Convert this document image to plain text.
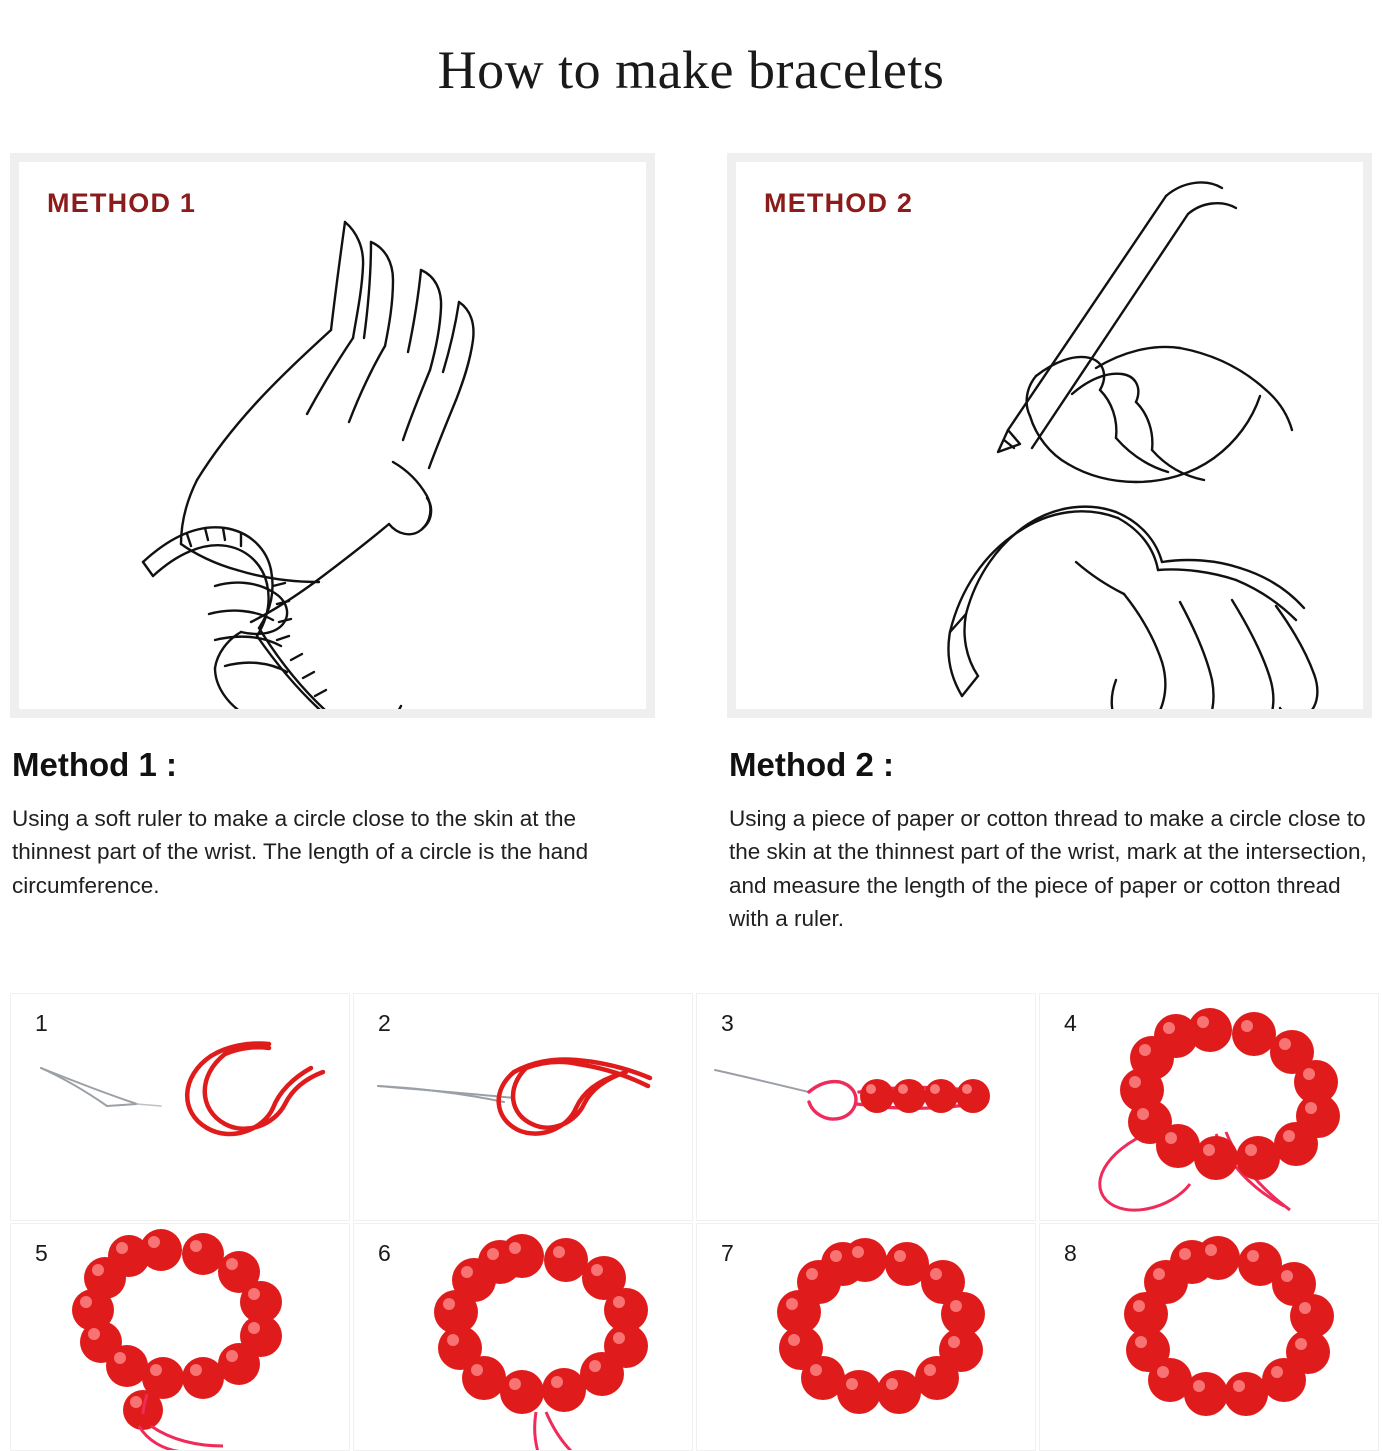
How to make bracelets
METHOD 1
Method 1 :

Using a soft ruler to make a circle close to the skin at the thinnest part of the wrist. The length of a circle is the hand circumference.

METHOD 2
Method 2 :

Using a piece of paper or cotton thread to make a circle close to the skin at the thinnest part of the wrist, mark at the intersection, and measure the length of the piece of paper or cotton thread with a ruler.

1	2	3	4
5	6	7	8
